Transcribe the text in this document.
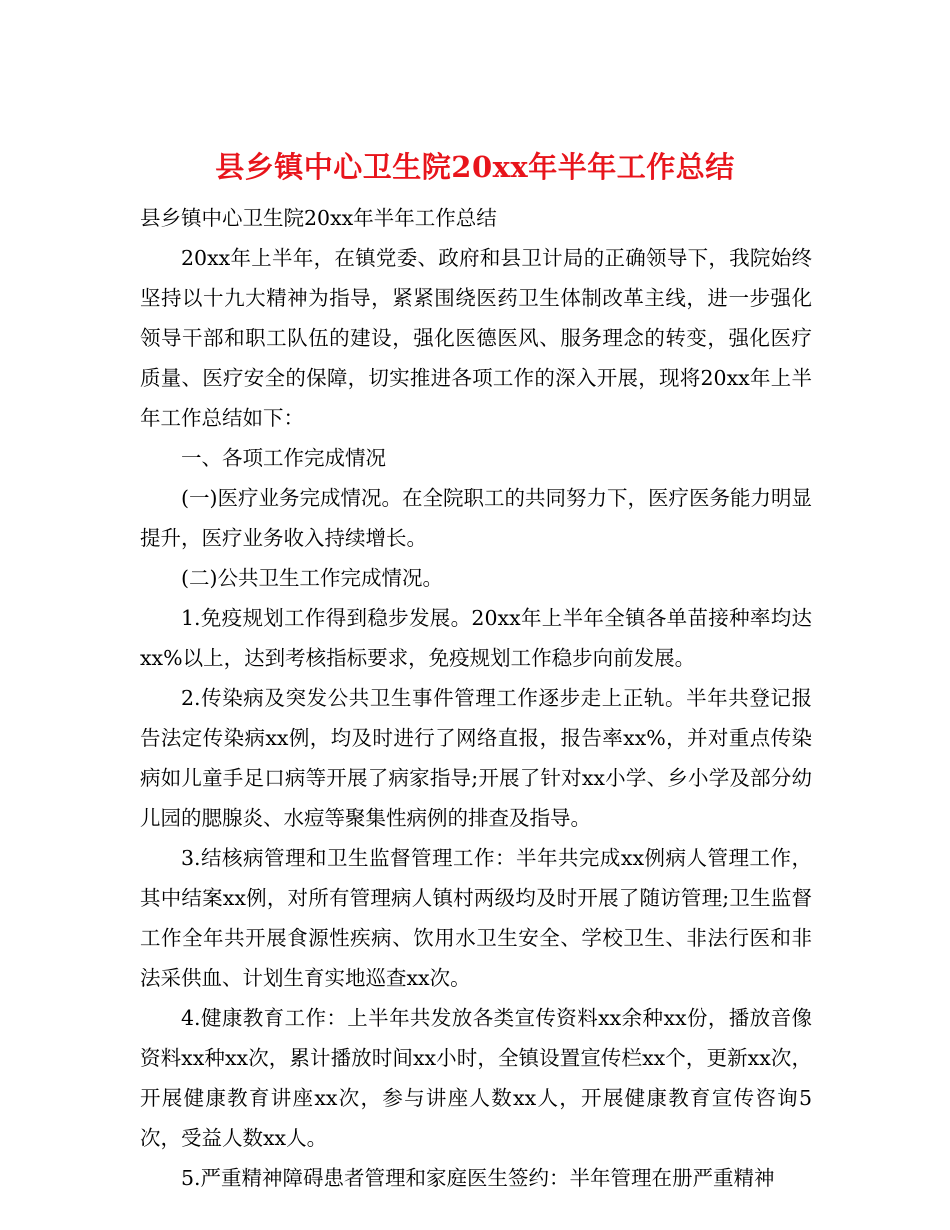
县乡镇中心卫生院20xx年半年工作总结

县乡镇中心卫生院20xx年半年工作总结

20xx年上半年，在镇党委、政府和县卫计局的正确领导下，我院始终坚持以十九大精神为指导，紧紧围绕医药卫生体制改革主线，进一步强化领导干部和职工队伍的建设，强化医德医风、服务理念的转变，强化医疗质量、医疗安全的保障，切实推进各项工作的深入开展，现将20xx年上半年工作总结如下：

一、各项工作完成情况

(一)医疗业务完成情况。在全院职工的共同努力下，医疗医务能力明显提升，医疗业务收入持续增长。

(二)公共卫生工作完成情况。

1.免疫规划工作得到稳步发展。20xx年上半年全镇各单苗接种率均达xx%以上，达到考核指标要求，免疫规划工作稳步向前发展。

2.传染病及突发公共卫生事件管理工作逐步走上正轨。半年共登记报告法定传染病xx例，均及时进行了网络直报，报告率xx%，并对重点传染病如儿童手足口病等开展了病家指导;开展了针对xx小学、乡小学及部分幼儿园的腮腺炎、水痘等聚集性病例的排查及指导。

3.结核病管理和卫生监督管理工作：半年共完成xx例病人管理工作，其中结案xx例，对所有管理病人镇村两级均及时开展了随访管理;卫生监督工作全年共开展食源性疾病、饮用水卫生安全、学校卫生、非法行医和非法采供血、计划生育实地巡查xx次。

4.健康教育工作：上半年共发放各类宣传资料xx余种xx份，播放音像资料xx种xx次，累计播放时间xx小时，全镇设置宣传栏xx个，更新xx次，开展健康教育讲座xx次，参与讲座人数xx人，开展健康教育宣传咨询5次，受益人数xx人。

5.严重精神障碍患者管理和家庭医生签约：半年管理在册严重精神
